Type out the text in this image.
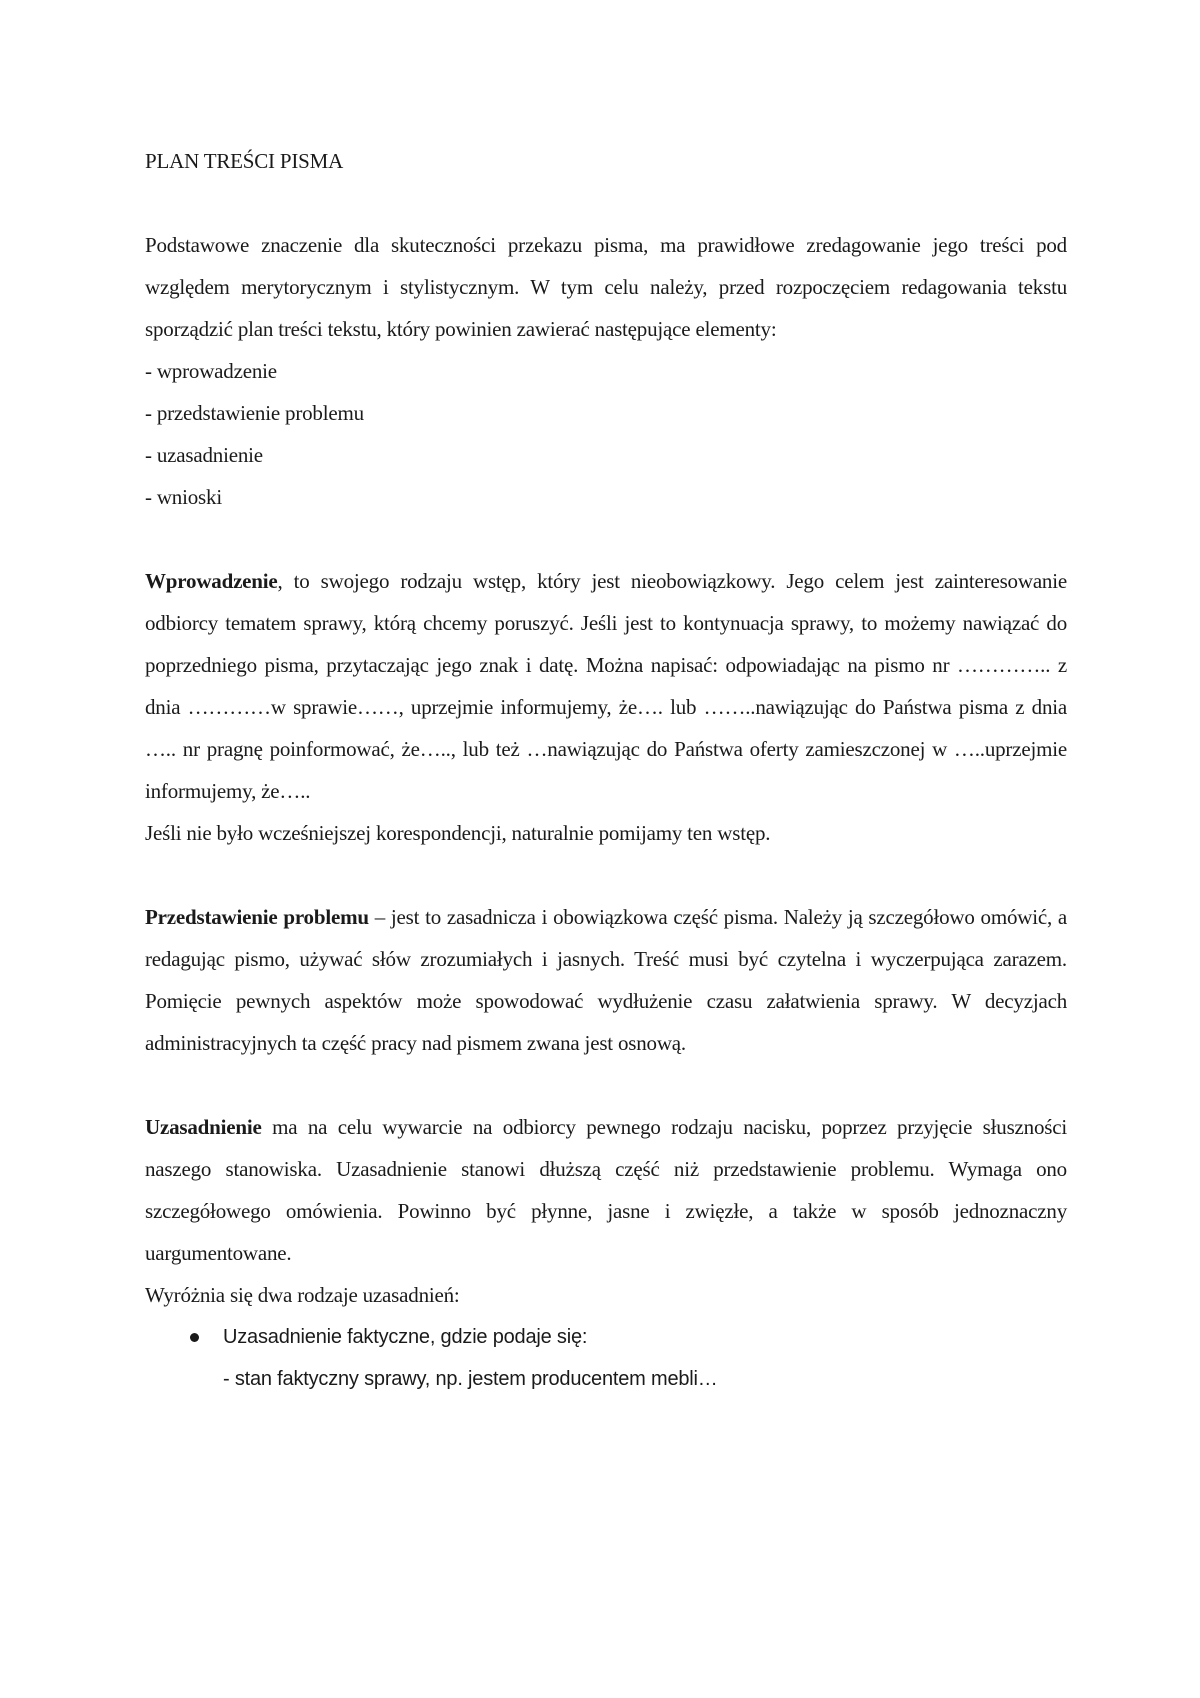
PLAN TREŚCI PISMA

Podstawowe znaczenie dla skuteczności przekazu pisma, ma prawidłowe zredagowanie jego treści pod względem merytorycznym i stylistycznym. W tym celu należy, przed rozpoczęciem redagowania tekstu sporządzić plan treści tekstu, który powinien zawierać następujące elementy:

- wprowadzenie
- przedstawienie problemu
- uzasadnienie
- wnioski

Wprowadzenie, to swojego rodzaju wstęp, który jest nieobowiązkowy. Jego celem jest zainteresowanie odbiorcy tematem sprawy, którą chcemy poruszyć. Jeśli jest to kontynuacja sprawy, to możemy nawiązać do poprzedniego pisma, przytaczając jego znak i datę. Można napisać: odpowiadając na pismo nr ………….. z dnia …………w sprawie……, uprzejmie informujemy, że…. lub ……..nawiązując do Państwa pisma z dnia ….. nr pragnę poinformować, że….., lub też …nawiązując do Państwa oferty zamieszczonej w …..uprzejmie informujemy, że…..

Jeśli nie było wcześniejszej korespondencji, naturalnie pomijamy ten wstęp.

Przedstawienie problemu – jest to zasadnicza i obowiązkowa część pisma. Należy ją szczegółowo omówić, a redagując pismo, używać słów zrozumiałych i jasnych. Treść musi być czytelna i wyczerpująca zarazem. Pomięcie pewnych aspektów może spowodować wydłużenie czasu załatwienia sprawy. W decyzjach administracyjnych ta część pracy nad pismem zwana jest osnową.

Uzasadnienie ma na celu wywarcie na odbiorcy pewnego rodzaju nacisku, poprzez przyjęcie słuszności naszego stanowiska. Uzasadnienie stanowi dłuższą część niż przedstawienie problemu. Wymaga ono szczegółowego omówienia. Powinno być płynne, jasne i zwięzłe, a także w sposób jednoznaczny uargumentowane.

Wyróżnia się dwa rodzaje uzasadnień:

Uzasadnienie faktyczne, gdzie podaje się:
- stan faktyczny sprawy, np. jestem producentem mebli…
